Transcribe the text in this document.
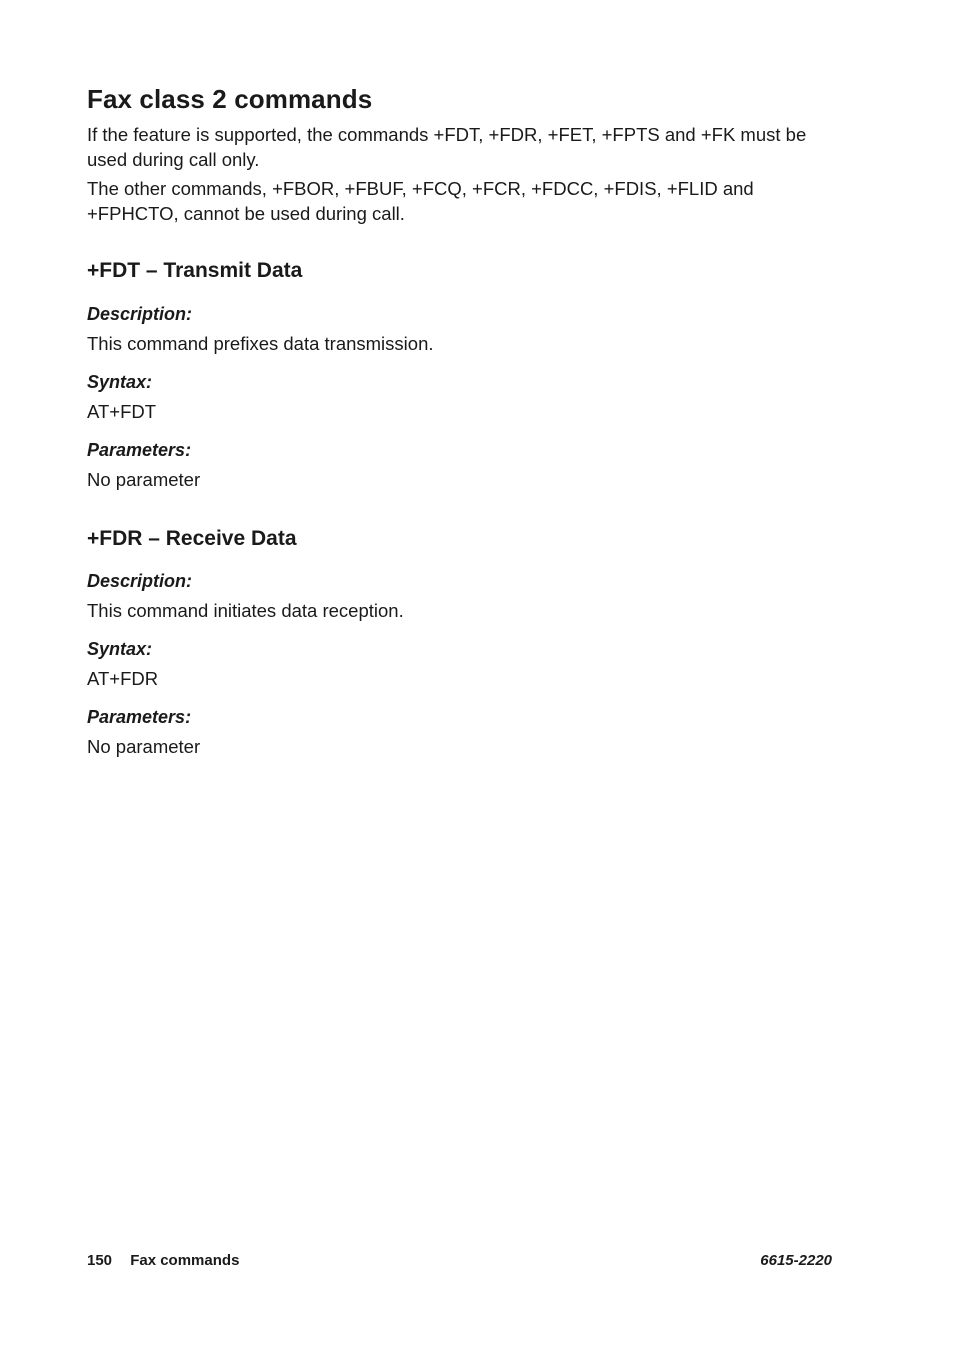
Fax class 2 commands

If the feature is supported, the commands +FDT, +FDR, +FET, +FPTS and +FK must be used during call only.

The other commands, +FBOR, +FBUF, +FCQ, +FCR, +FDCC, +FDIS, +FLID and +FPHCTO, cannot be used during call.

+FDT – Transmit Data
Description:
This command prefixes data transmission.
Syntax:
AT+FDT
Parameters:
No parameter
+FDR – Receive Data
Description:
This command initiates data reception.
Syntax:
AT+FDR
Parameters:
No parameter
150 Fax commands	6615-2220
